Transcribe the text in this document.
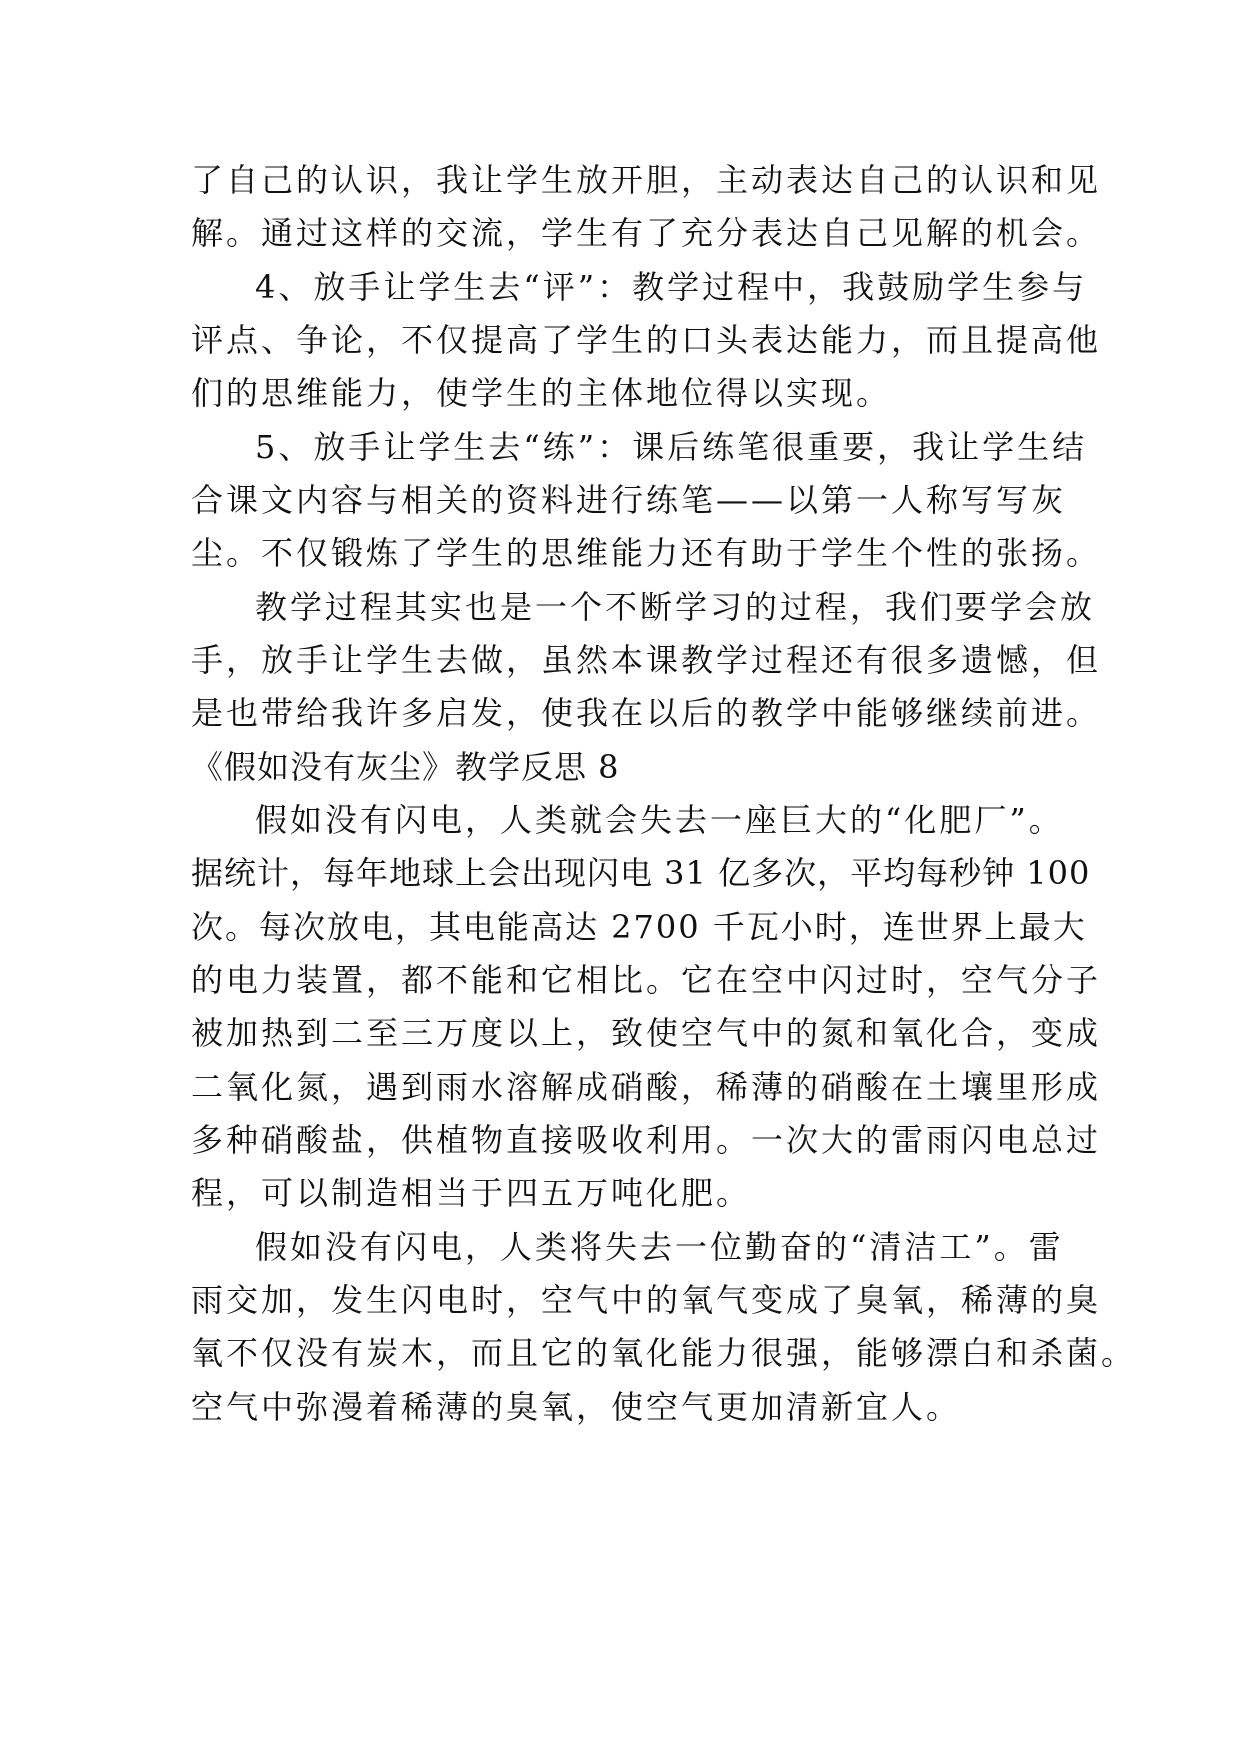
了自己的认识，我让学生放开胆，主动表达自己的认识和见
解。通过这样的交流，学生有了充分表达自己见解的机会。
4、放手让学生去“评”：教学过程中，我鼓励学生参与
评点、争论，不仅提高了学生的口头表达能力，而且提高他
们的思维能力，使学生的主体地位得以实现。
5、放手让学生去“练”：课后练笔很重要，我让学生结
合课文内容与相关的资料进行练笔——以第一人称写写灰
尘。不仅锻炼了学生的思维能力还有助于学生个性的张扬。
教学过程其实也是一个不断学习的过程，我们要学会放
手，放手让学生去做，虽然本课教学过程还有很多遗憾，但
是也带给我许多启发，使我在以后的教学中能够继续前进。
《假如没有灰尘》教学反思 8
假如没有闪电，人类就会失去一座巨大的“化肥厂”。
据统计，每年地球上会出现闪电 31 亿多次，平均每秒钟 100
次。每次放电，其电能高达 2700 千瓦小时，连世界上最大
的电力装置，都不能和它相比。它在空中闪过时，空气分子
被加热到二至三万度以上，致使空气中的氮和氧化合，变成
二氧化氮，遇到雨水溶解成硝酸，稀薄的硝酸在土壤里形成
多种硝酸盐，供植物直接吸收利用。一次大的雷雨闪电总过
程，可以制造相当于四五万吨化肥。
假如没有闪电，人类将失去一位勤奋的“清洁工”。雷
雨交加，发生闪电时，空气中的氧气变成了臭氧，稀薄的臭
氧不仅没有炭木，而且它的氧化能力很强，能够漂白和杀菌。
空气中弥漫着稀薄的臭氧，使空气更加清新宜人。
